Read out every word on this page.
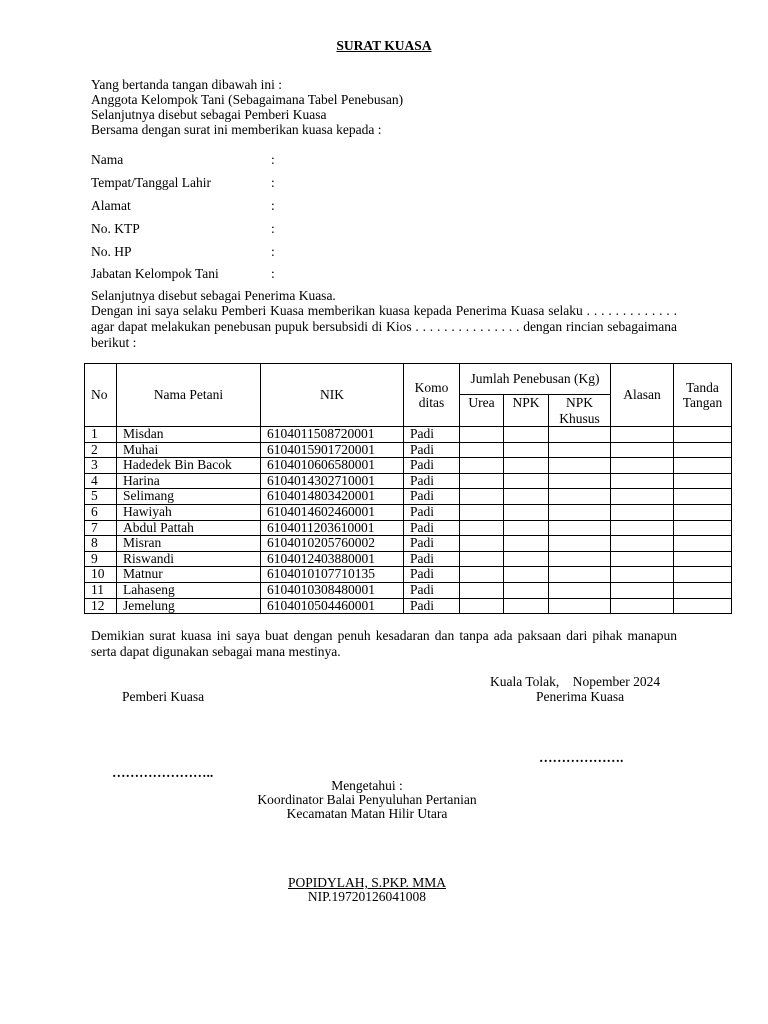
SURAT KUASA
Yang bertanda tangan dibawah ini :
Anggota Kelompok Tani (Sebagaimana Tabel Penebusan)
Selanjutnya disebut sebagai Pemberi Kuasa
Bersama dengan surat ini memberikan kuasa kepada :
Nama	:
Tempat/Tanggal Lahir	:
Alamat	:
No. KTP	:
No. HP	:
Jabatan Kelompok Tani	:
Selanjutnya disebut sebagai Penerima Kuasa.
Dengan ini saya selaku Pemberi Kuasa memberikan kuasa kepada Penerima Kuasa selaku . . . . . . . . . . . . . agar dapat melakukan penebusan pupuk bersubsidi di Kios . . . . . . . . . . . . . . . dengan rincian sebagaimana berikut :
No	Nama Petani	NIK	Komo ditas	Jumlah Penebusan (Kg)			Alasan	Tanda Tangan
				Urea	NPK	NPK Khusus		
1	Misdan	6104011508720001	Padi					
2	Muhai	6104015901720001	Padi					
3	Hadedek Bin Bacok	6104010606580001	Padi					
4	Harina	6104014302710001	Padi					
5	Selimang	6104014803420001	Padi					
6	Hawiyah	6104014602460001	Padi					
7	Abdul Pattah	6104011203610001	Padi					
8	Misran	6104010205760002	Padi					
9	Riswandi	6104012403880001	Padi					
10	Matnur	6104010107710135	Padi					
11	Lahaseng	6104010308480001	Padi					
12	Jemelung	6104010504460001	Padi					
Demikian surat kuasa ini saya buat dengan penuh kesadaran dan tanpa ada paksaan dari pihak manapun serta dapat digunakan sebagai mana mestinya.
Kuala Tolak,    Nopember 2024
Pemberi Kuasa	Penerima Kuasa
……………….
…………………..
Mengetahui :
Koordinator Balai Penyuluhan Pertanian
Kecamatan Matan Hilir Utara
POPIDYLAH, S.PKP. MMA
NIP.19720126041008
